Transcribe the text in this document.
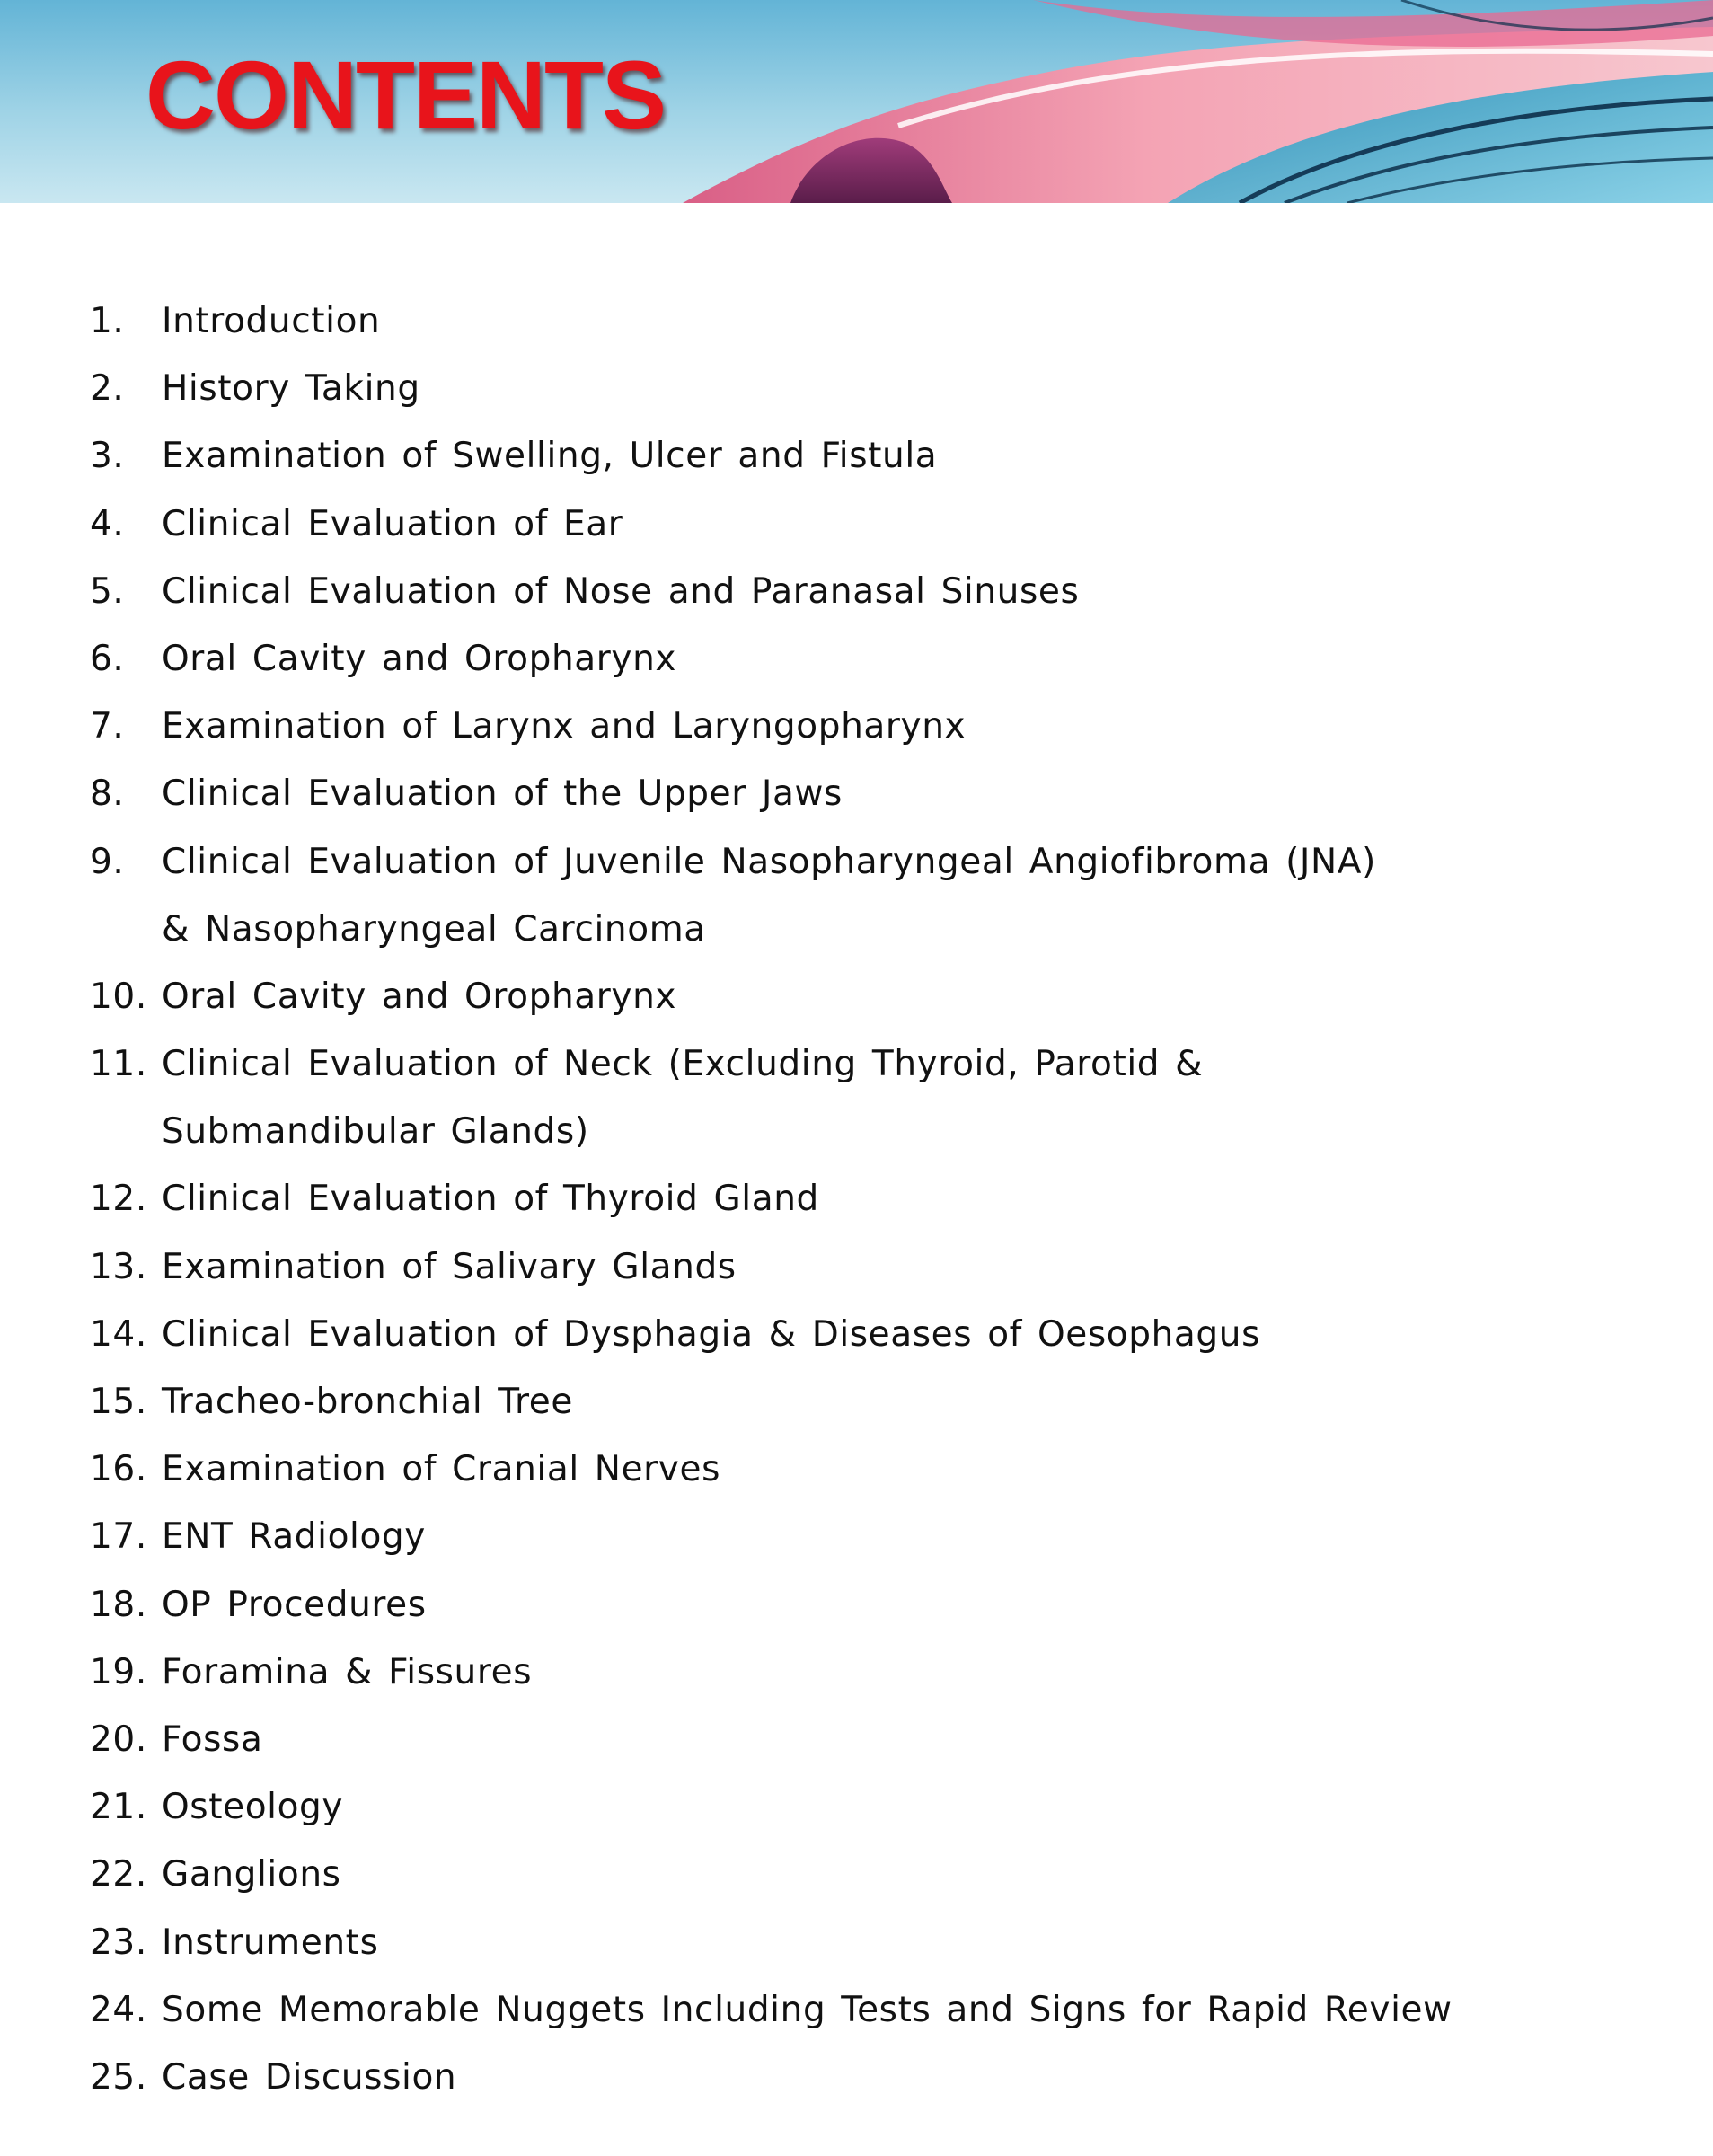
CONTENTS
1.	Introduction
2.	History Taking
3.	Examination of Swelling, Ulcer and Fistula
4.	Clinical Evaluation of Ear
5.	Clinical Evaluation of Nose and Paranasal Sinuses
6.	Oral Cavity and Oropharynx
7.	Examination of Larynx and Laryngopharynx
8.	Clinical Evaluation of the Upper Jaws
9.	Clinical Evaluation of Juvenile Nasopharyngeal Angiofibroma (JNA)
& Nasopharyngeal Carcinoma
10. Oral Cavity and Oropharynx
11. Clinical Evaluation of Neck (Excluding Thyroid, Parotid &
Submandibular Glands)
12. Clinical Evaluation of Thyroid Gland
13. Examination of Salivary Glands
14. Clinical Evaluation of Dysphagia & Diseases of Oesophagus
15. Tracheo-bronchial Tree
16. Examination of Cranial Nerves
17. ENT Radiology
18. OP Procedures
19. Foramina & Fissures
20. Fossa
21. Osteology
22. Ganglions
23. Instruments
24. Some Memorable Nuggets Including Tests and Signs for Rapid Review
25. Case Discussion
